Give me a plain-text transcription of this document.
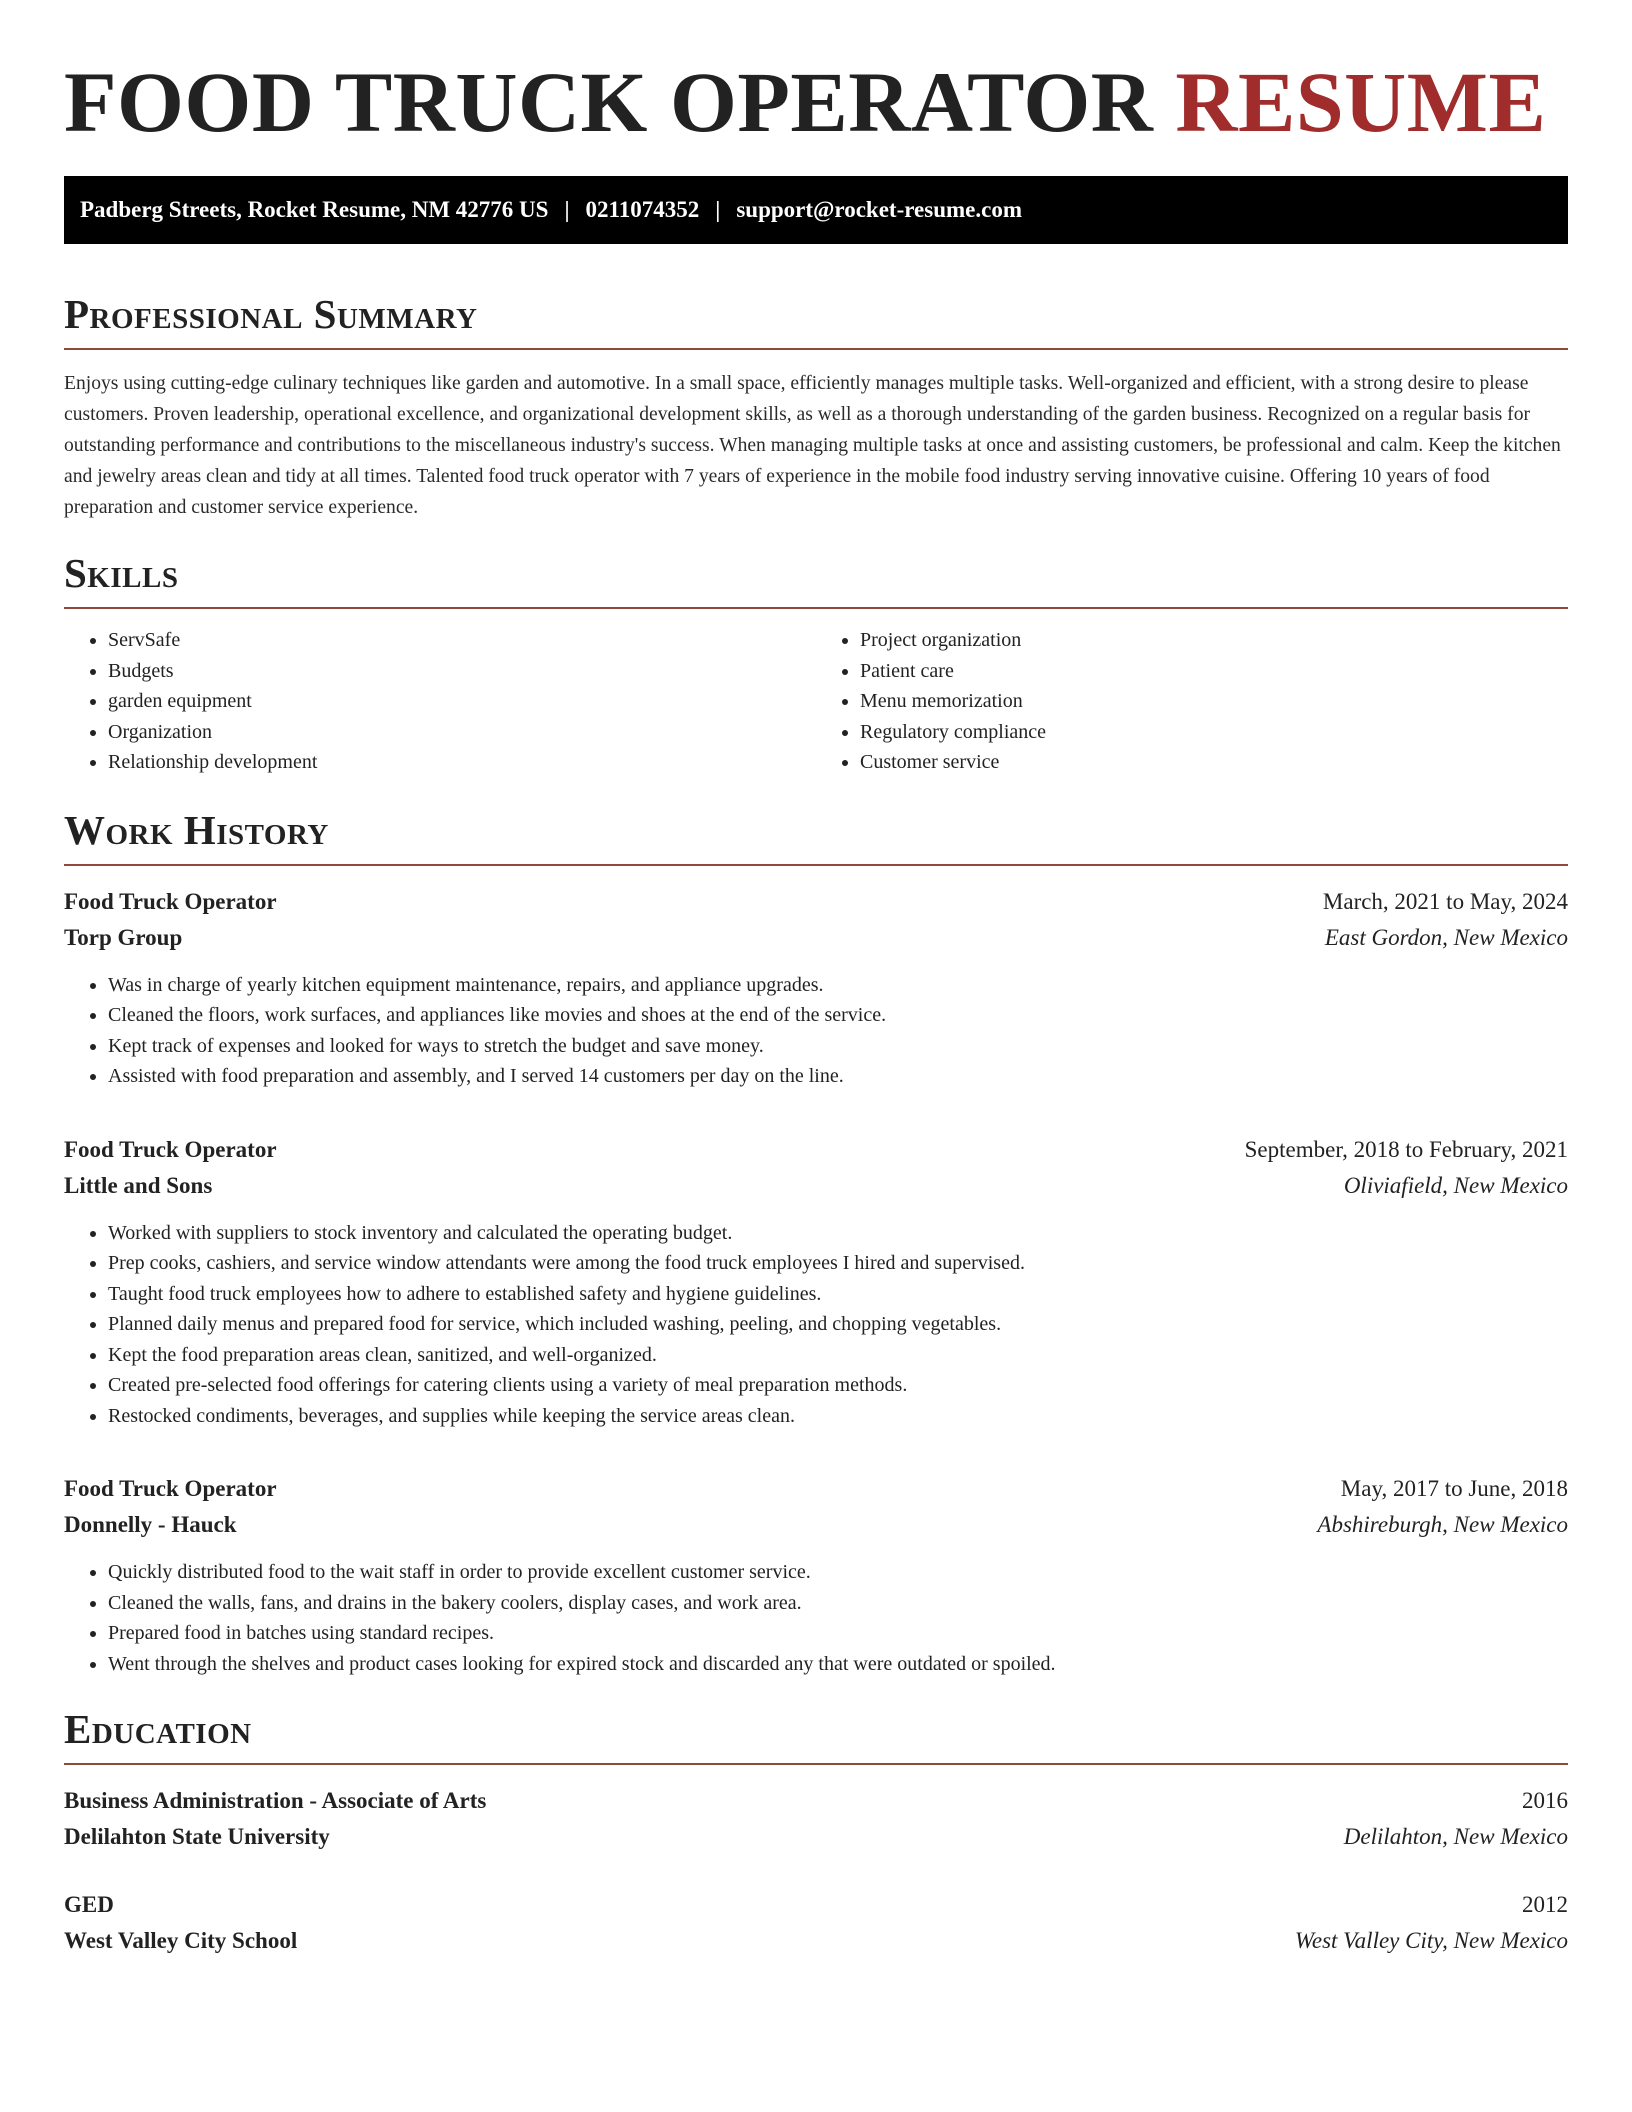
FOOD TRUCK OPERATOR RESUME
Padberg Streets, Rocket Resume, NM 42776 US | 0211074352 | support@rocket-resume.com
Professional Summary

Enjoys using cutting-edge culinary techniques like garden and automotive. In a small space, efficiently manages multiple tasks. Well-organized and efficient, with a strong desire to please customers. Proven leadership, operational excellence, and organizational development skills, as well as a thorough understanding of the garden business. Recognized on a regular basis for outstanding performance and contributions to the miscellaneous industry's success. When managing multiple tasks at once and assisting customers, be professional and calm. Keep the kitchen and jewelry areas clean and tidy at all times. Talented food truck operator with 7 years of experience in the mobile food industry serving innovative cuisine. Offering 10 years of food preparation and customer service experience.

Skills
• ServSafe
• Budgets
• garden equipment
• Organization
• Relationship development
• Project organization
• Patient care
• Menu memorization
• Regulatory compliance
• Customer service
Work History
Food Truck Operator	March, 2021 to May, 2024
Torp Group	East Gordon, New Mexico
• Was in charge of yearly kitchen equipment maintenance, repairs, and appliance upgrades.
• Cleaned the floors, work surfaces, and appliances like movies and shoes at the end of the service.
• Kept track of expenses and looked for ways to stretch the budget and save money.
• Assisted with food preparation and assembly, and I served 14 customers per day on the line.
Food Truck Operator	September, 2018 to February, 2021
Little and Sons	Oliviafield, New Mexico
• Worked with suppliers to stock inventory and calculated the operating budget.
• Prep cooks, cashiers, and service window attendants were among the food truck employees I hired and supervised.
• Taught food truck employees how to adhere to established safety and hygiene guidelines.
• Planned daily menus and prepared food for service, which included washing, peeling, and chopping vegetables.
• Kept the food preparation areas clean, sanitized, and well-organized.
• Created pre-selected food offerings for catering clients using a variety of meal preparation methods.
• Restocked condiments, beverages, and supplies while keeping the service areas clean.
Food Truck Operator	May, 2017 to June, 2018
Donnelly - Hauck	Abshireburgh, New Mexico
• Quickly distributed food to the wait staff in order to provide excellent customer service.
• Cleaned the walls, fans, and drains in the bakery coolers, display cases, and work area.
• Prepared food in batches using standard recipes.
• Went through the shelves and product cases looking for expired stock and discarded any that were outdated or spoiled.
Education
Business Administration - Associate of Arts	2016
Delilahton State University	Delilahton, New Mexico
GED	2012
West Valley City School	West Valley City, New Mexico
